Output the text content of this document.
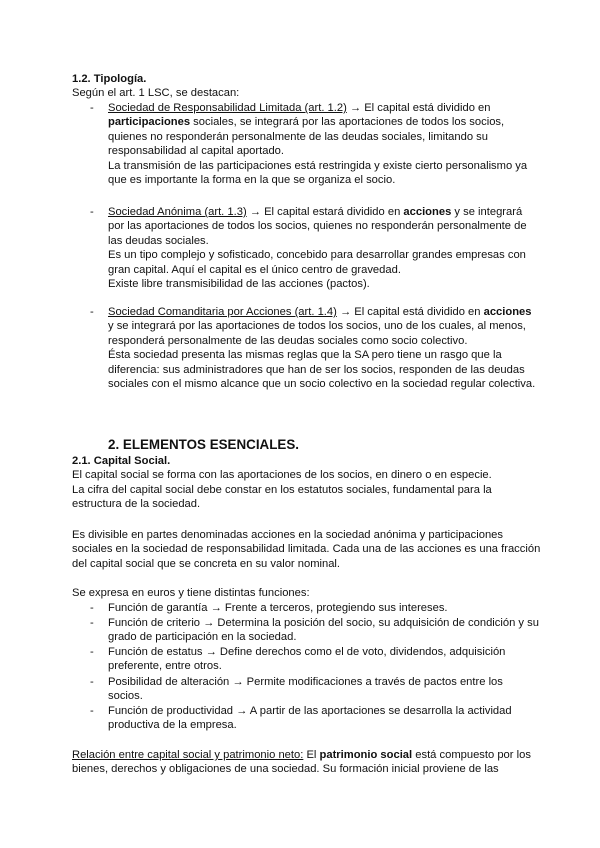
1.2. Tipología.

Según el art. 1 LSC, se destacan:

-	Sociedad de Responsabilidad Limitada (art. 1.2) → El capital está dividido en participaciones sociales, se integrará por las aportaciones de todos los socios, quienes no responderán personalmente de las deudas sociales, limitando su responsabilidad al capital aportado.

La transmisión de las participaciones está restringida y existe cierto personalismo ya que es importante la forma en la que se organiza el socio.

-	Sociedad Anónima (art. 1.3) → El capital estará dividido en acciones y se integrará por las aportaciones de todos los socios, quienes no responderán personalmente de las deudas sociales.

Es un tipo complejo y sofisticado, concebido para desarrollar grandes empresas con gran capital. Aquí el capital es el único centro de gravedad.

Existe libre transmisibilidad de las acciones (pactos).

-	Sociedad Comanditaria por Acciones (art. 1.4) → El capital está dividido en acciones y se integrará por las aportaciones de todos los socios, uno de los cuales, al menos, responderá personalmente de las deudas sociales como socio colectivo.

Ésta sociedad presenta las mismas reglas que la SA pero tiene un rasgo que la diferencia: sus administradores que han de ser los socios, responden de las deudas sociales con el mismo alcance que un socio colectivo en la sociedad regular colectiva.

2. ELEMENTOS ESENCIALES.

2.1. Capital Social.

El capital social se forma con las aportaciones de los socios, en dinero o en especie.

La cifra del capital social debe constar en los estatutos sociales, fundamental para la estructura de la sociedad.

Es divisible en partes denominadas acciones en la sociedad anónima y participaciones sociales en la sociedad de responsabilidad limitada. Cada una de las acciones es una fracción del capital social que se concreta en su valor nominal.

Se expresa en euros y tiene distintas funciones:

-	Función de garantía → Frente a terceros, protegiendo sus intereses.

-	Función de criterio → Determina la posición del socio, su adquisición de condición y su grado de participación en la sociedad.

-	Función de estatus → Define derechos como el de voto, dividendos, adquisición preferente, entre otros.

-	Posibilidad de alteración → Permite modificaciones a través de pactos entre los socios.

-	Función de productividad → A partir de las aportaciones se desarrolla la actividad productiva de la empresa.

Relación entre capital social y patrimonio neto: El patrimonio social está compuesto por los bienes, derechos y obligaciones de una sociedad. Su formación inicial proviene de las
